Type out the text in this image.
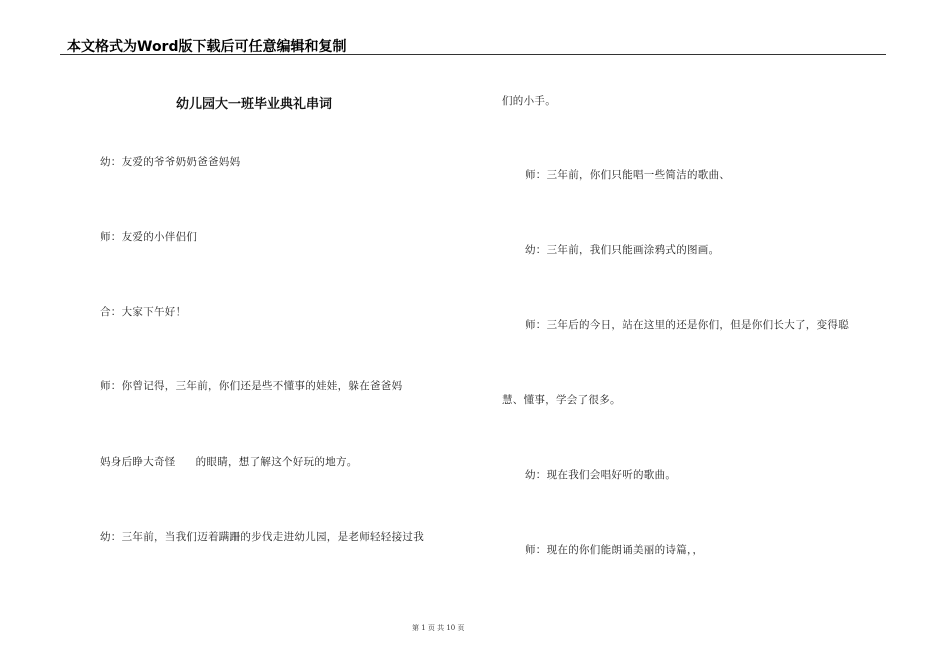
本文格式为Word版下载后可任意编辑和复制
幼儿园大一班毕业典礼串词
幼：友爱的爷爷奶奶爸爸妈妈
师：友爱的小伴侣们
合：大家下午好！
师：你曾记得，三年前，你们还是些不懂事的娃娃，躲在爸爸妈
妈身后睁大奇怪 的眼睛，想了解这个好玩的地方。
幼：三年前，当我们迈着蹒跚的步伐走进幼儿园，是老师轻轻接过我
们的小手。
师：三年前，你们只能唱一些简洁的歌曲、
幼：三年前，我们只能画涂鸦式的图画。
师：三年后的今日，站在这里的还是你们，但是你们长大了，变得聪
慧、懂事，学会了很多。
幼：现在我们会唱好听的歌曲。
师：现在的你们能朗诵美丽的诗篇，，
第 1 页 共 10 页
